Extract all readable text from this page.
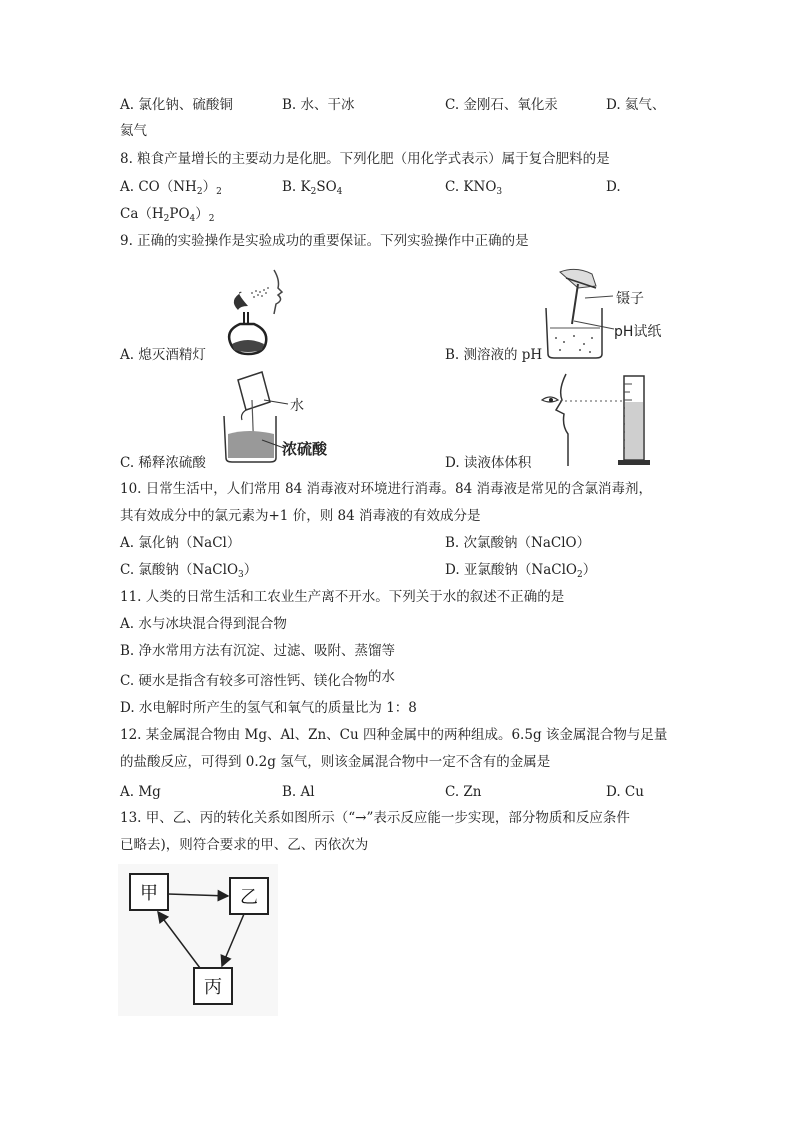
A. 氯化钠、硫酸铜	B. 水、干冰	C. 金刚石、氧化汞	D. 氦气、
氦气
8. 粮食产量增长的主要动力是化肥。下列化肥（用化学式表示）属于复合肥料的是
A. $CO(NH_2)_2$	B. $K_2SO_4$	C. $KNO_3$	D.
$Ca(H_2PO_4)_2$
9. 正确的实验操作是实验成功的重要保证。下列实验操作中正确的是
镊子
pH试纸
A. 熄灭酒精灯	B. 测溶液的 pH
水
浓硫酸
C. 稀释浓硫酸	D. 读液体体积
10. 日常生活中，人们常用 84 消毒液对环境进行消毒。84 消毒液是常见的含氯消毒剂，
其有效成分中的氯元素为+1 价，则 84 消毒液的有效成分是
A. 氯化钠（NaCl）	B. 次氯酸钠（NaClO）
C. 氯酸钠（NaClO$_3$）	D. 亚氯酸钠（NaClO$_2$）
11. 人类的日常生活和工农业生产离不开水。下列关于水的叙述不正确的是
A. 水与冰块混合得到混合物
B. 净水常用方法有沉淀、过滤、吸附、蒸馏等
C. 硬水是指含有较多可溶性钙、镁化合物的水
D. 水电解时所产生的氢气和氧气的质量比为 1：8
12. 某金属混合物由 Mg、Al、Zn、Cu 四种金属中的两种组成。6.5g 该金属混合物与足量
的盐酸反应，可得到 0.2g 氢气，则该金属混合物中一定不含有的金属是
A. Mg	B. Al	C. Zn	D. Cu
13. 甲、乙、丙的转化关系如图所示（“→”表示反应能一步实现，部分物质和反应条件
已略去)，则符合要求的甲、乙、丙依次为
甲	乙
丙
